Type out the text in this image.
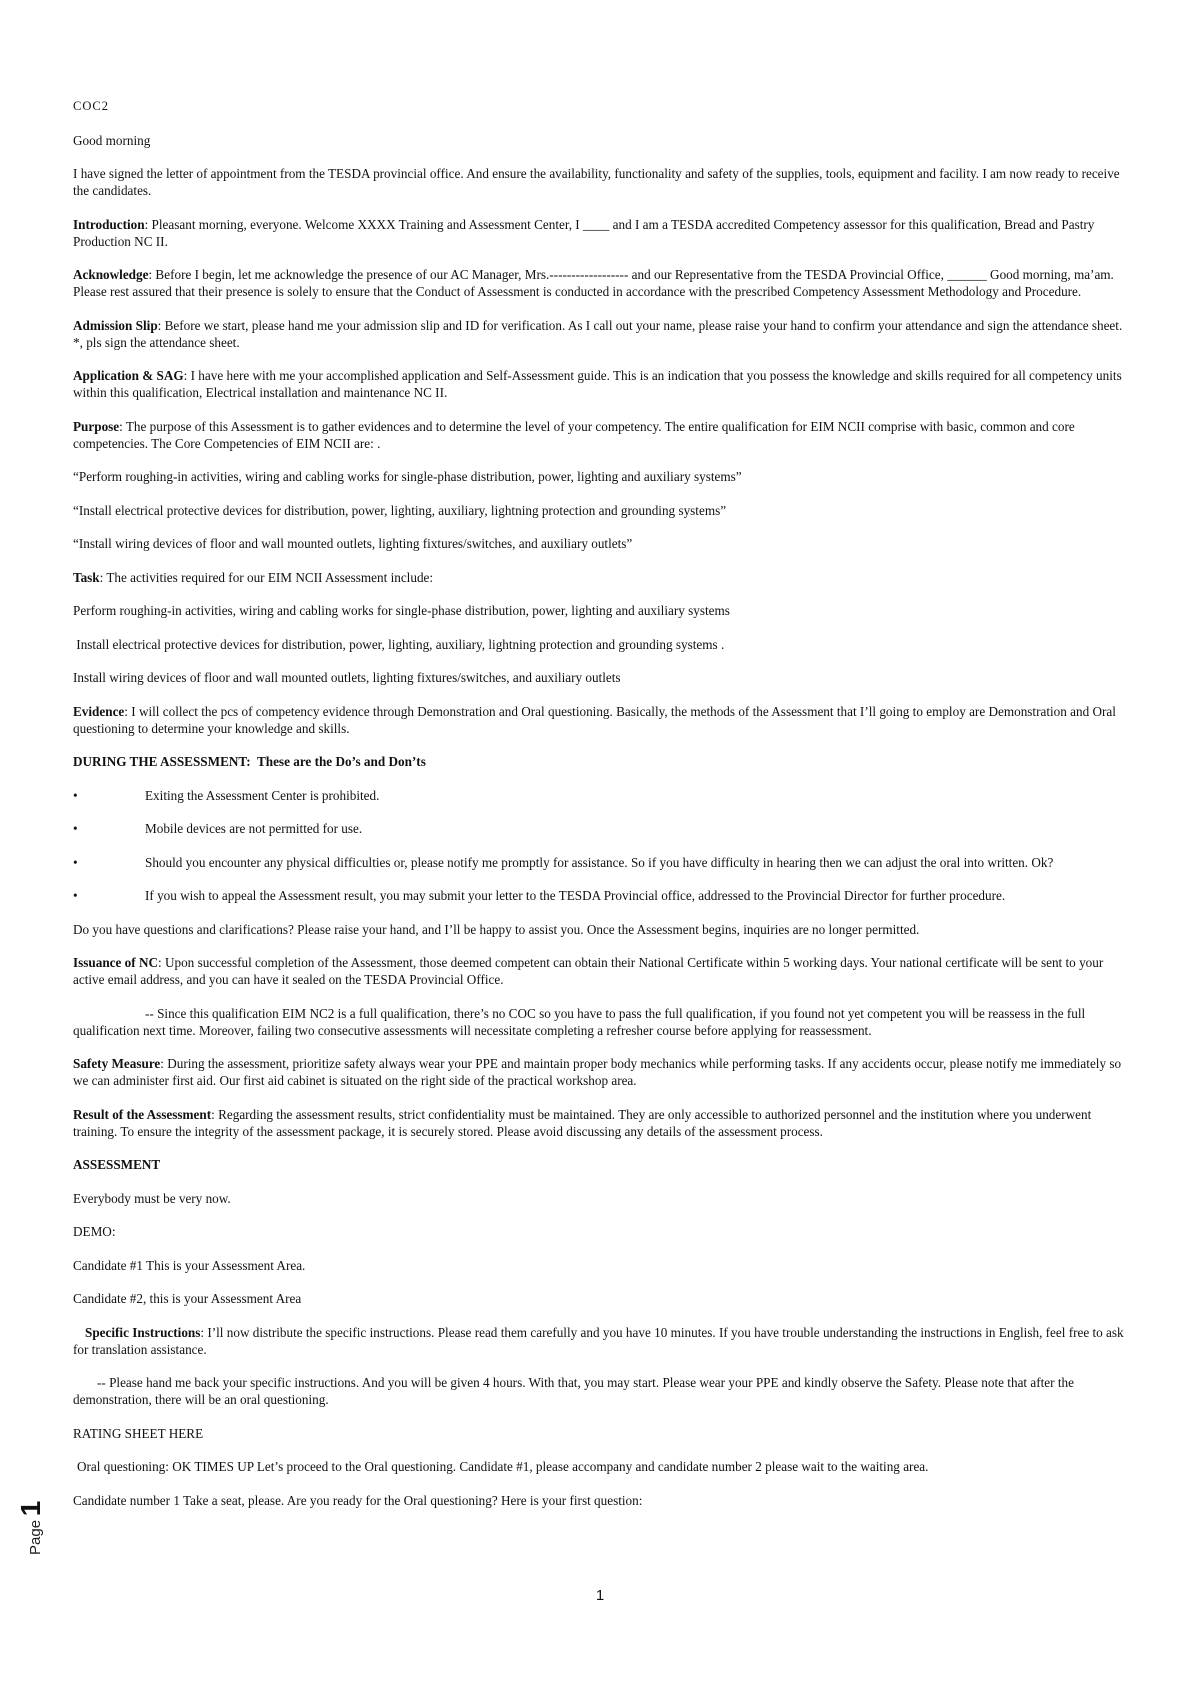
COC2

Good morning

I have signed the letter of appointment from the TESDA provincial office. And ensure the availability, functionality and safety of the supplies, tools, equipment and facility. I am now ready to receive the candidates.

Introduction: Pleasant morning, everyone. Welcome XXXX Training and Assessment Center, I ____ and I am a TESDA accredited Competency assessor for this qualification, Bread and Pastry Production NC II.

Acknowledge: Before I begin, let me acknowledge the presence of our AC Manager, Mrs.------------------ and our Representative from the TESDA Provincial Office, ______ Good morning, ma’am. Please rest assured that their presence is solely to ensure that the Conduct of Assessment is conducted in accordance with the prescribed Competency Assessment Methodology and Procedure.

Admission Slip: Before we start, please hand me your admission slip and ID for verification. As I call out your name, please raise your hand to confirm your attendance and sign the attendance sheet. *, pls sign the attendance sheet.

Application & SAG: I have here with me your accomplished application and Self-Assessment guide. This is an indication that you possess the knowledge and skills required for all competency units within this qualification, Electrical installation and maintenance NC II.

Purpose: The purpose of this Assessment is to gather evidences and to determine the level of your competency. The entire qualification for EIM NCII comprise with basic, common and core competencies. The Core Competencies of EIM NCII are: .

“Perform roughing-in activities, wiring and cabling works for single-phase distribution, power, lighting and auxiliary systems”

“Install electrical protective devices for distribution, power, lighting, auxiliary, lightning protection and grounding systems”

“Install wiring devices of floor and wall mounted outlets, lighting fixtures/switches, and auxiliary outlets”

Task: The activities required for our EIM NCII Assessment include:

Perform roughing-in activities, wiring and cabling works for single-phase distribution, power, lighting and auxiliary systems

Install electrical protective devices for distribution, power, lighting, auxiliary, lightning protection and grounding systems .

Install wiring devices of floor and wall mounted outlets, lighting fixtures/switches, and auxiliary outlets

Evidence: I will collect the pcs of competency evidence through Demonstration and Oral questioning. Basically, the methods of the Assessment that I’ll going to employ are Demonstration and Oral questioning to determine your knowledge and skills.

DURING THE ASSESSMENT:  These are the Do’s and Don’ts

•	Exiting the Assessment Center is prohibited.
•	Mobile devices are not permitted for use.
•	Should you encounter any physical difficulties or, please notify me promptly for assistance. So if you have difficulty in hearing then we can adjust the oral into written. Ok?
•	If you wish to appeal the Assessment result, you may submit your letter to the TESDA Provincial office, addressed to the Provincial Director for further procedure.

Do you have questions and clarifications? Please raise your hand, and I’ll be happy to assist you. Once the Assessment begins, inquiries are no longer permitted.

Issuance of NC: Upon successful completion of the Assessment, those deemed competent can obtain their National Certificate within 5 working days. Your national certificate will be sent to your active email address, and you can have it sealed on the TESDA Provincial Office.

-- Since this qualification EIM NC2 is a full qualification, there’s no COC so you have to pass the full qualification, if you found not yet competent you will be reassess in the full qualification next time. Moreover, failing two consecutive assessments will necessitate completing a refresher course before applying for reassessment.

Safety Measure: During the assessment, prioritize safety always wear your PPE and maintain proper body mechanics while performing tasks. If any accidents occur, please notify me immediately so we can administer first aid. Our first aid cabinet is situated on the right side of the practical workshop area.

Result of the Assessment: Regarding the assessment results, strict confidentiality must be maintained. They are only accessible to authorized personnel and the institution where you underwent training. To ensure the integrity of the assessment package, it is securely stored. Please avoid discussing any details of the assessment process.

ASSESSMENT

Everybody must be very now.

DEMO:

Candidate #1 This is your Assessment Area.

Candidate #2, this is your Assessment Area

Specific Instructions: I’ll now distribute the specific instructions. Please read them carefully and you have 10 minutes. If you have trouble understanding the instructions in English, feel free to ask for translation assistance.

-- Please hand me back your specific instructions. And you will be given 4 hours. With that, you may start. Please wear your PPE and kindly observe the Safety. Please note that after the demonstration, there will be an oral questioning.

RATING SHEET HERE

Oral questioning: OK TIMES UP Let’s proceed to the Oral questioning. Candidate #1, please accompany and candidate number 2 please wait to the waiting area.

Candidate number 1 Take a seat, please. Are you ready for the Oral questioning? Here is your first question:

Page 1
1
